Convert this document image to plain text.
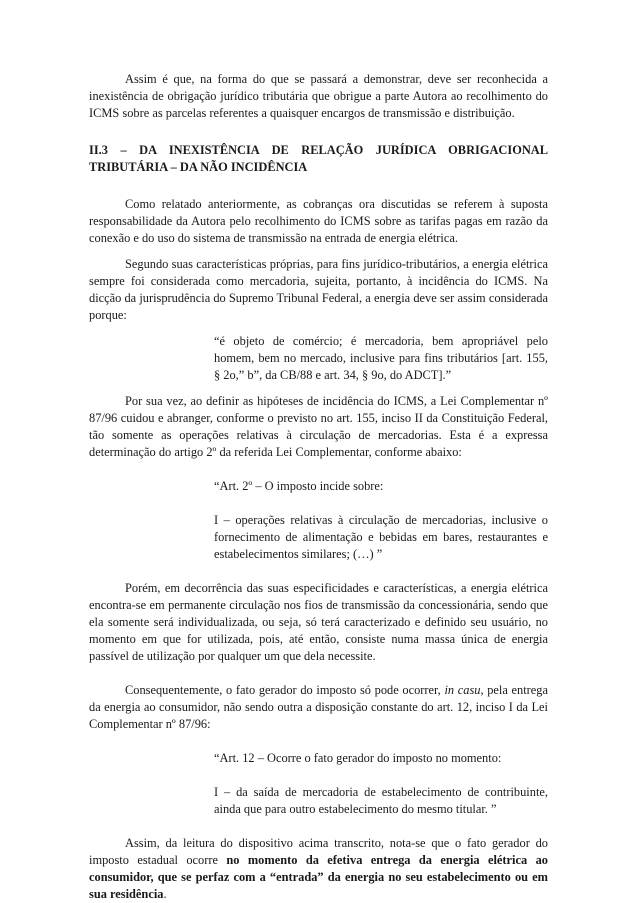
Assim é que, na forma do que se passará a demonstrar, deve ser reconhecida a inexistência de obrigação jurídico tributária que obrigue a parte Autora ao recolhimento do ICMS sobre as parcelas referentes a quaisquer encargos de transmissão e distribuição.

II.3 – DA INEXISTÊNCIA DE RELAÇÃO JURÍDICA OBRIGACIONAL TRIBUTÁRIA – DA NÃO INCIDÊNCIA

Como relatado anteriormente, as cobranças ora discutidas se referem à suposta responsabilidade da Autora pelo recolhimento do ICMS sobre as tarifas pagas em razão da conexão e do uso do sistema de transmissão na entrada de energia elétrica.

Segundo suas características próprias, para fins jurídico-tributários, a energia elétrica sempre foi considerada como mercadoria, sujeita, portanto, à incidência do ICMS. Na dicção da jurisprudência do Supremo Tribunal Federal, a energia deve ser assim considerada porque:

“é objeto de comércio; é mercadoria, bem apropriável pelo homem, bem no mercado, inclusive para fins tributários [art. 155, § 2o,” b”, da CB/88 e art. 34, § 9o, do ADCT].”

Por sua vez, ao definir as hipóteses de incidência do ICMS, a Lei Complementar nº 87/96 cuidou e abranger, conforme o previsto no art. 155, inciso II da Constituição Federal, tão somente as operações relativas à circulação de mercadorias. Esta é a expressa determinação do artigo 2º da referida Lei Complementar, conforme abaixo:

“Art. 2º – O imposto incide sobre:

I – operações relativas à circulação de mercadorias, inclusive o fornecimento de alimentação e bebidas em bares, restaurantes e estabelecimentos similares; (…) ”

Porém, em decorrência das suas especificidades e características, a energia elétrica encontra-se em permanente circulação nos fios de transmissão da concessionária, sendo que ela somente será individualizada, ou seja, só terá caracterizado e definido seu usuário, no momento em que for utilizada, pois, até então, consiste numa massa única de energia passível de utilização por qualquer um que dela necessite.

Consequentemente, o fato gerador do imposto só pode ocorrer, in casu, pela entrega da energia ao consumidor, não sendo outra a disposição constante do art. 12, inciso I da Lei Complementar nº 87/96:

“Art. 12 – Ocorre o fato gerador do imposto no momento:

I – da saída de mercadoria de estabelecimento de contribuinte, ainda que para outro estabelecimento do mesmo titular. ”

Assim, da leitura do dispositivo acima transcrito, nota-se que o fato gerador do imposto estadual ocorre no momento da efetiva entrega da energia elétrica ao consumidor, que se perfaz com a “entrada” da energia no seu estabelecimento ou em sua residência.
